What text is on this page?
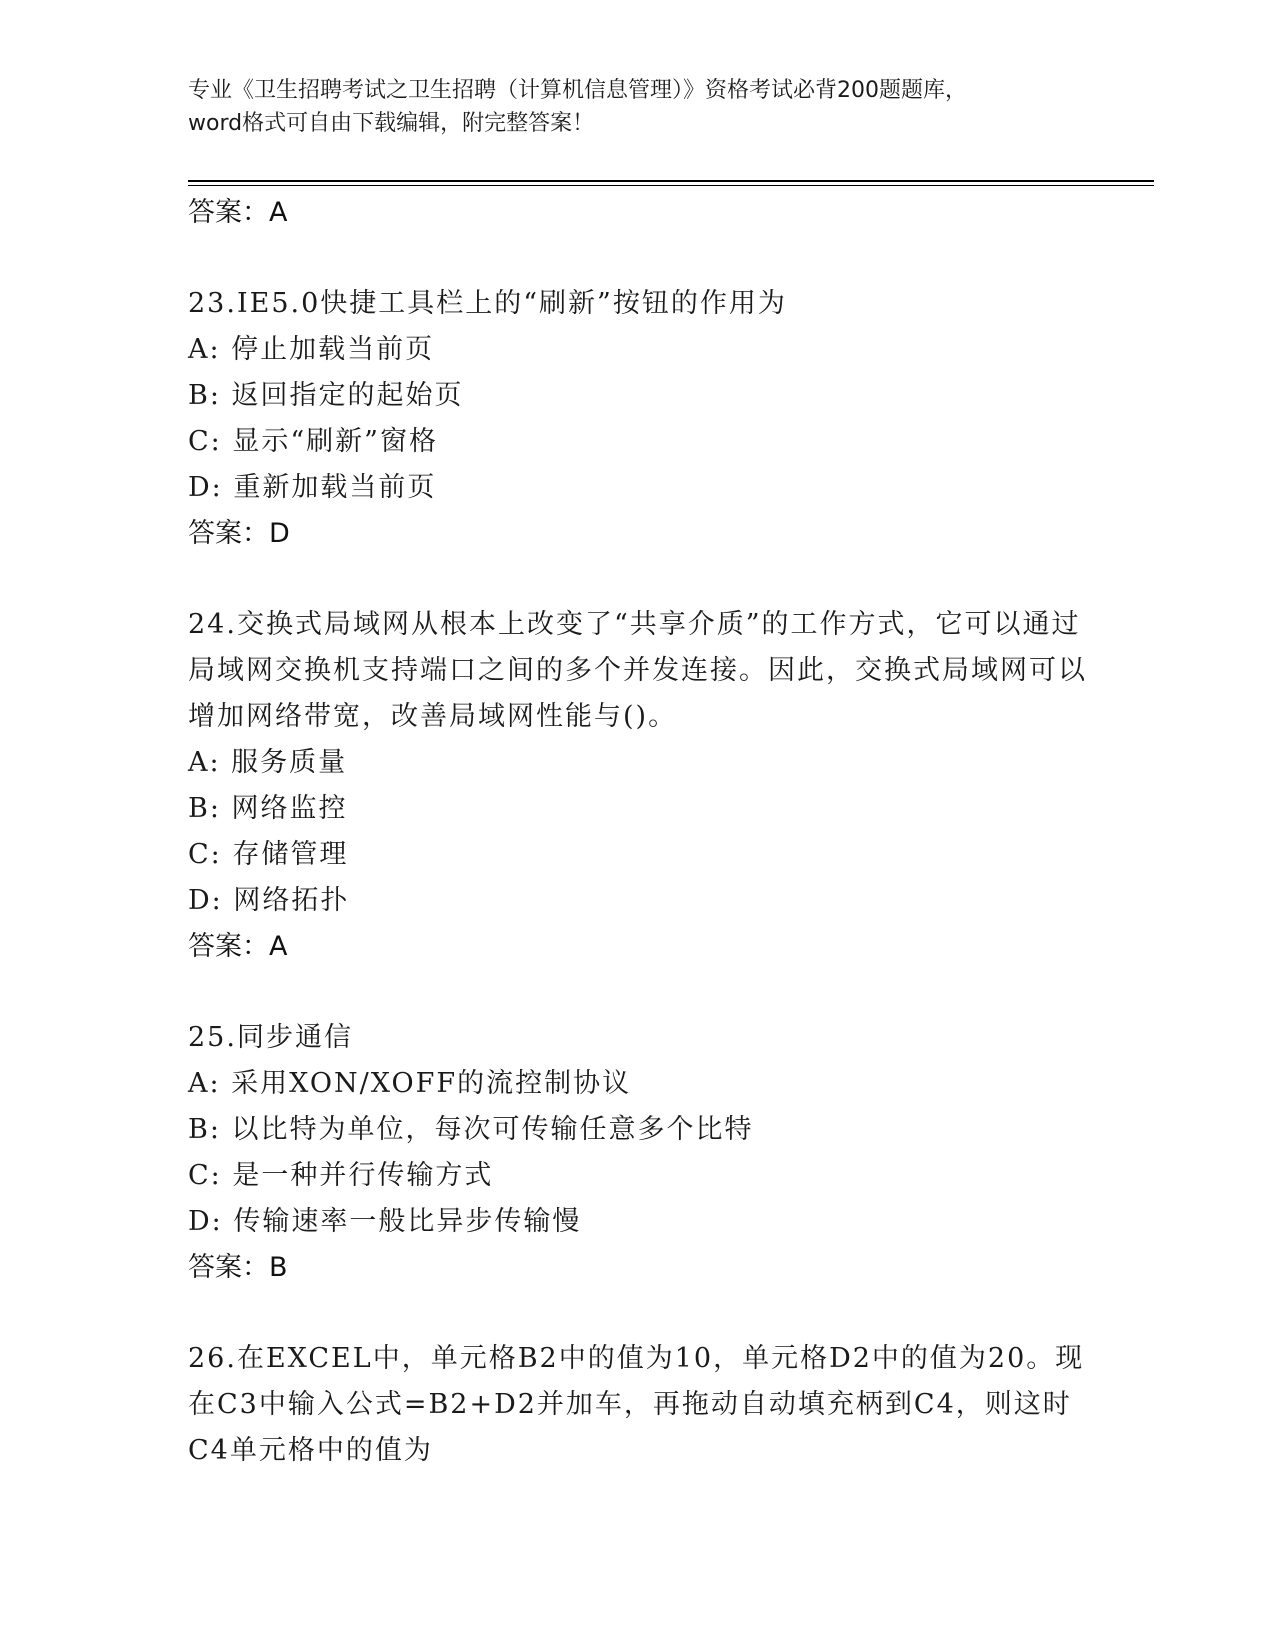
专业《卫生招聘考试之卫生招聘（计算机信息管理）》资格考试必背200题题库，
word格式可自由下载编辑，附完整答案！
答案：A
23.IE5.0快捷工具栏上的“刷新”按钮的作用为
A: 停止加载当前页
B: 返回指定的起始页
C: 显示“刷新”窗格
D: 重新加载当前页
答案：D
24.交换式局域网从根本上改变了“共享介质”的工作方式，它可以通过局域网交换机支持端口之间的多个并发连接。因此，交换式局域网可以增加网络带宽，改善局域网性能与()。
A: 服务质量
B: 网络监控
C: 存储管理
D: 网络拓扑
答案：A
25.同步通信
A: 采用XON/XOFF的流控制协议
B: 以比特为单位，每次可传输任意多个比特
C: 是一种并行传输方式
D: 传输速率一般比异步传输慢
答案：B
26.在EXCEL中，单元格B2中的值为10，单元格D2中的值为20。现在C3中输入公式=B2+D2并加车，再拖动自动填充柄到C4，则这时C4单元格中的值为
